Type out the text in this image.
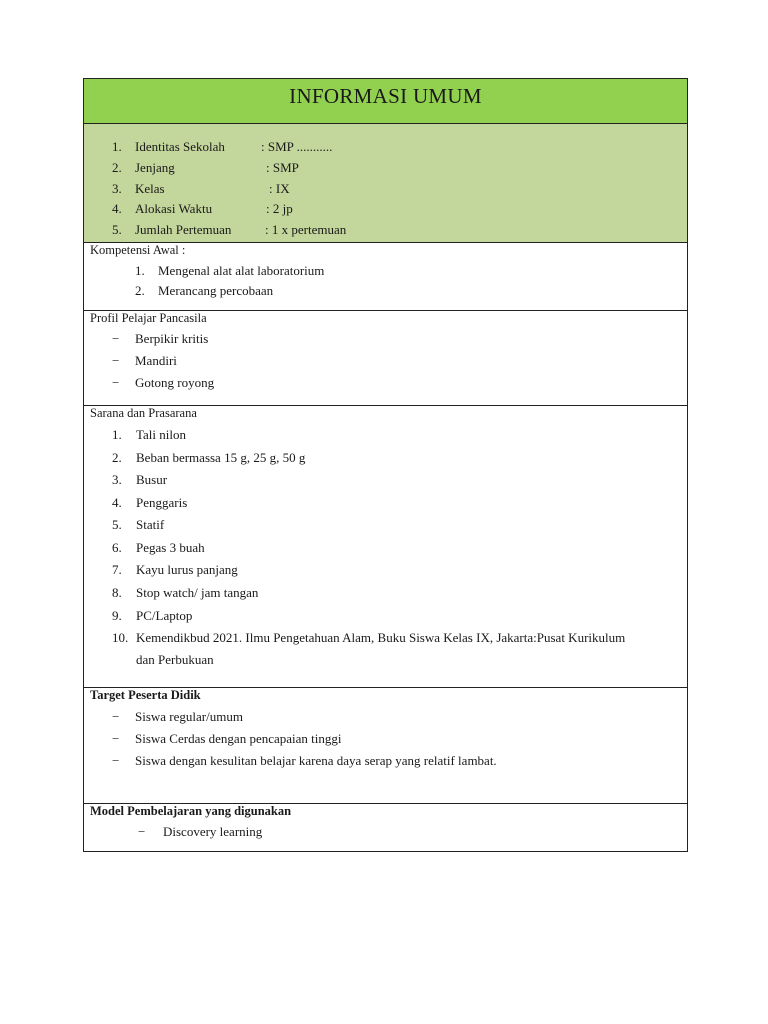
INFORMASI UMUM
1. Identitas Sekolah	: SMP ...........
2. Jenjang	: SMP
3. Kelas	: IX
4. Alokasi Waktu	: 2 jp
5. Jumlah Pertemuan	: 1 x pertemuan
Kompetensi Awal :
1. Mengenal alat alat laboratorium
2. Merancang percobaan
Profil Pelajar Pancasila
− Berpikir kritis
− Mandiri
− Gotong royong
Sarana dan Prasarana
1. Tali nilon
2. Beban bermassa 15 g, 25 g, 50 g
3. Busur
4. Penggaris
5. Statif
6. Pegas 3 buah
7. Kayu lurus panjang
8. Stop watch/ jam tangan
9. PC/Laptop
10. Kemendikbud 2021. Ilmu Pengetahuan Alam, Buku Siswa Kelas IX, Jakarta:Pusat Kurikulum
dan Perbukuan
Target Peserta Didik
− Siswa regular/umum
− Siswa Cerdas dengan pencapaian tinggi
− Siswa dengan kesulitan belajar karena daya serap yang relatif lambat.
Model Pembelajaran yang digunakan
− Discovery learning
